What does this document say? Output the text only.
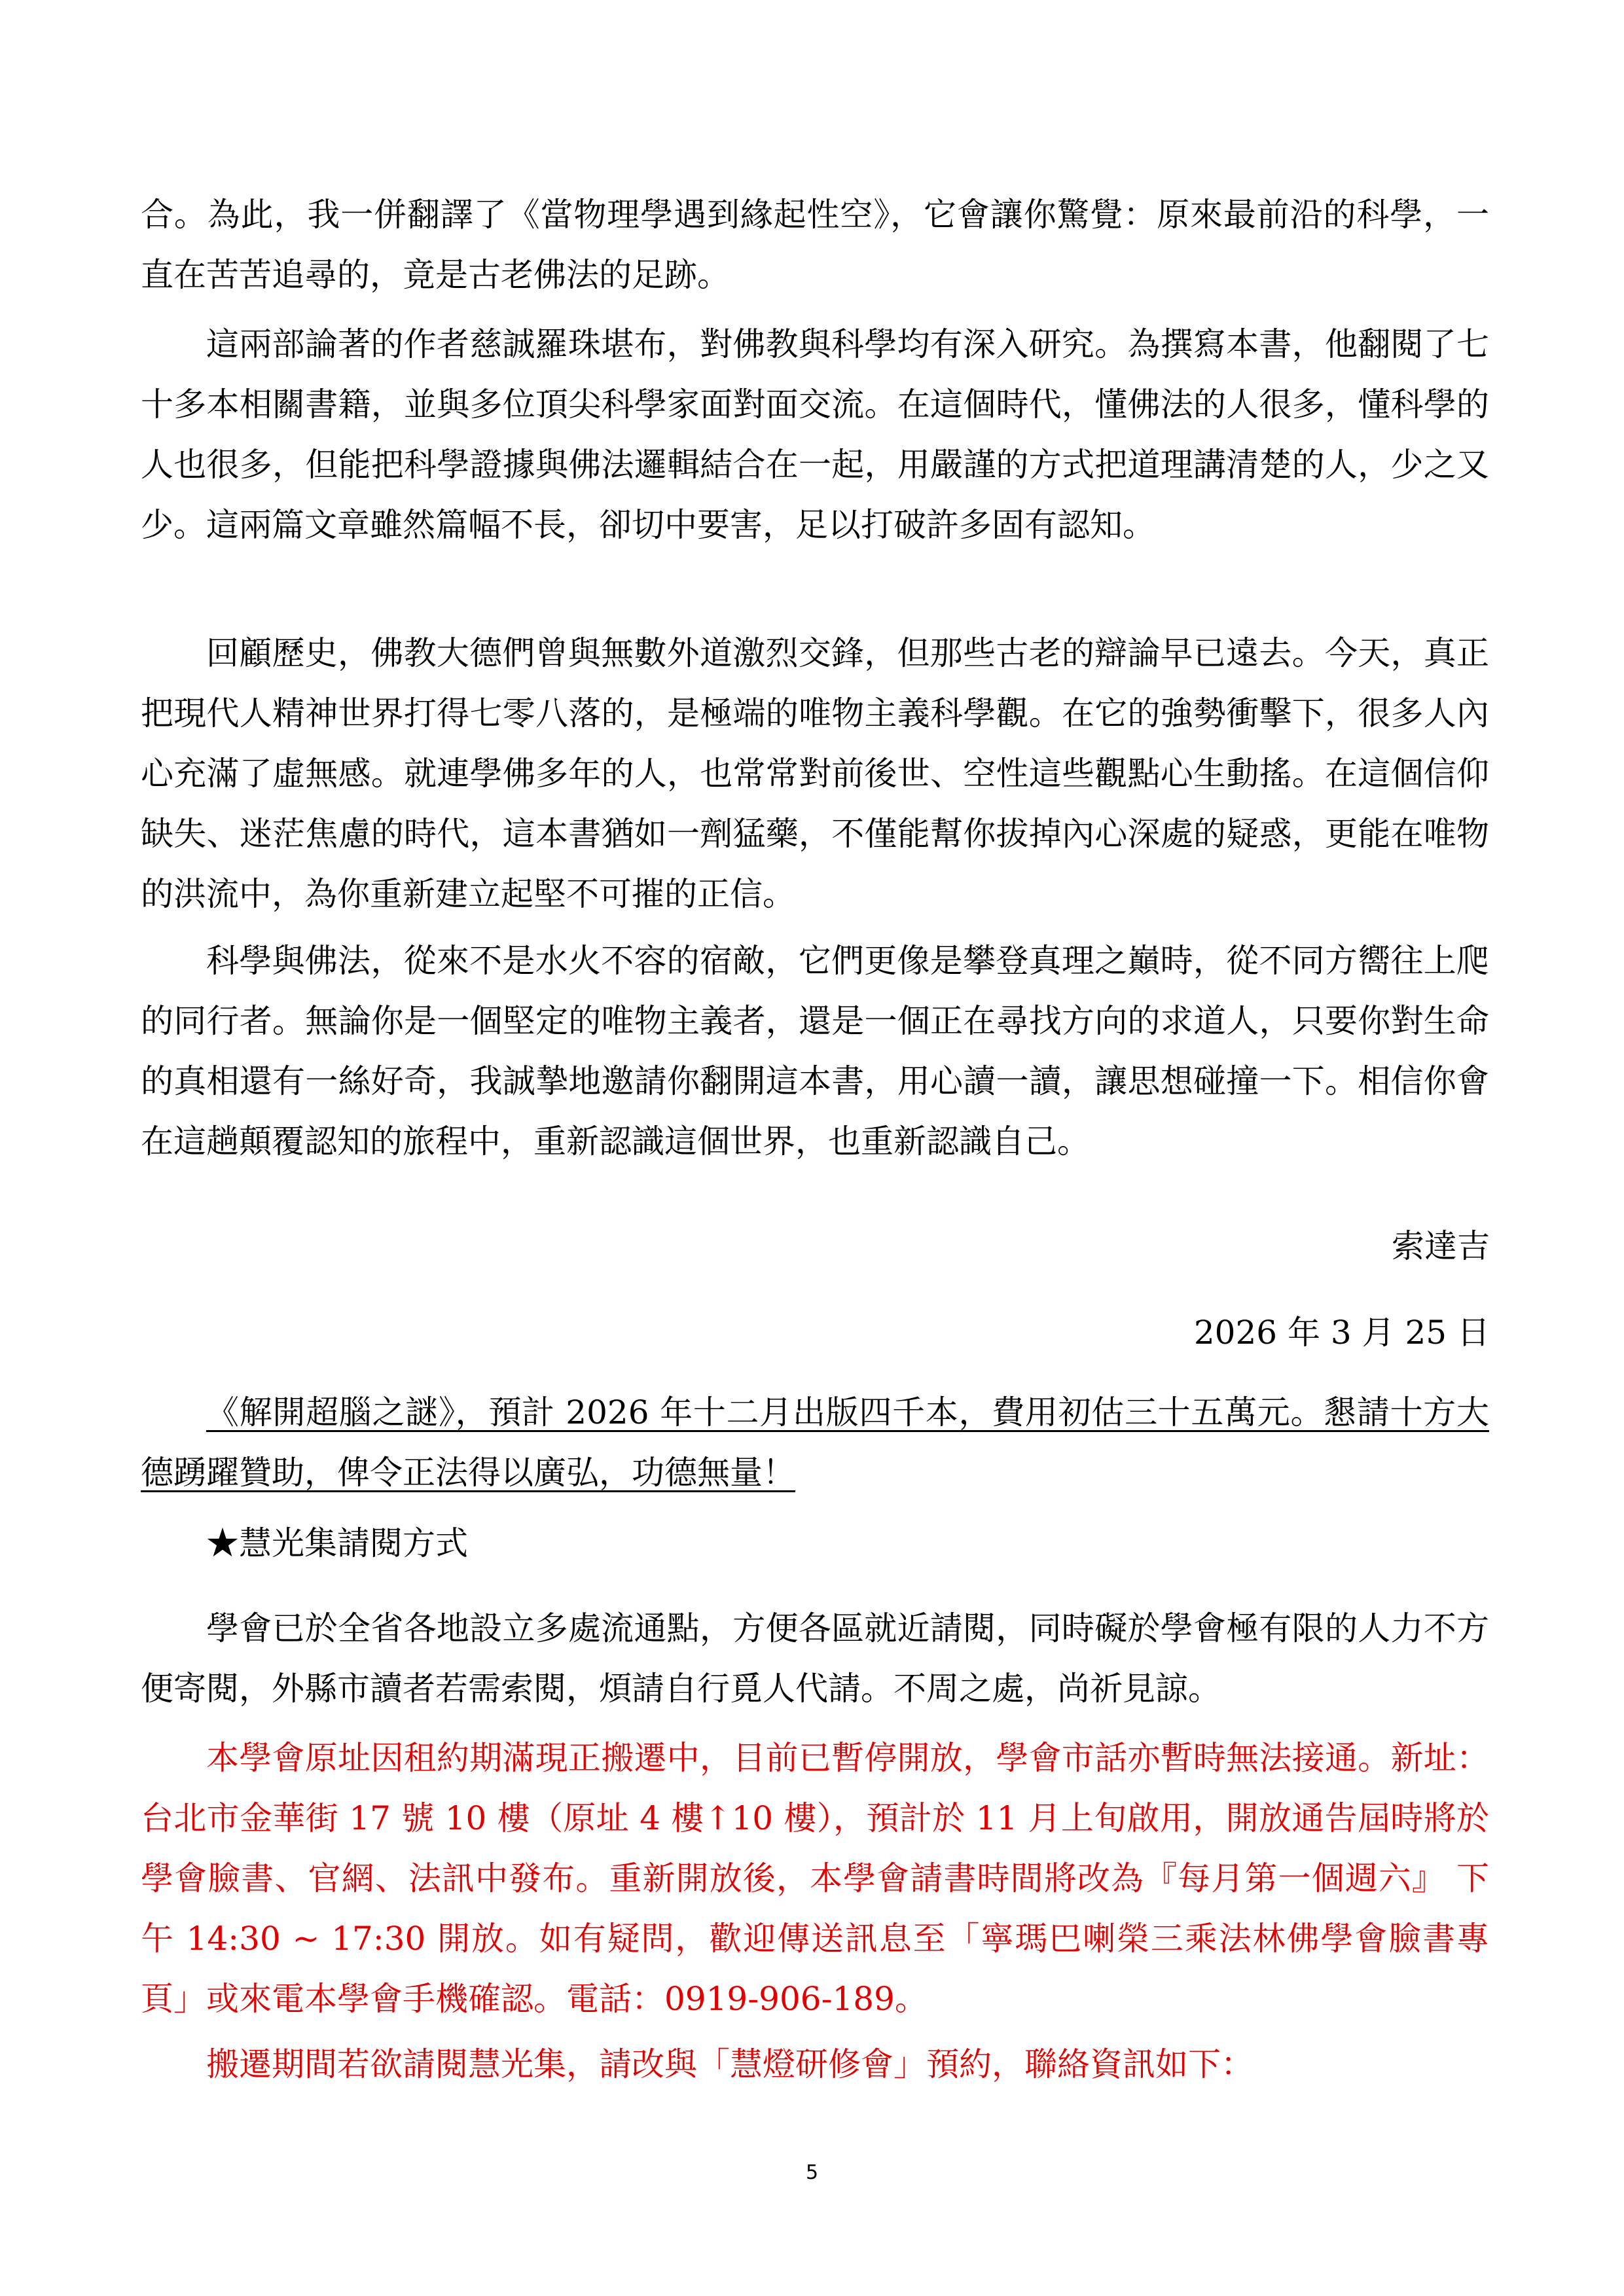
合。為此，我一併翻譯了《當物理學遇到緣起性空》，它會讓你驚覺：原來最前沿的科學，一直在苦苦追尋的，竟是古老佛法的足跡。

這兩部論著的作者慈誠羅珠堪布，對佛教與科學均有深入研究。為撰寫本書，他翻閱了七十多本相關書籍，並與多位頂尖科學家面對面交流。在這個時代，懂佛法的人很多，懂科學的人也很多，但能把科學證據與佛法邏輯結合在一起，用嚴謹的方式把道理講清楚的人，少之又少。這兩篇文章雖然篇幅不長，卻切中要害，足以打破許多固有認知。

回顧歷史，佛教大德們曾與無數外道激烈交鋒，但那些古老的辯論早已遠去。今天，真正把現代人精神世界打得七零八落的，是極端的唯物主義科學觀。在它的強勢衝擊下，很多人內心充滿了虛無感。就連學佛多年的人，也常常對前後世、空性這些觀點心生動搖。在這個信仰缺失、迷茫焦慮的時代，這本書猶如一劑猛藥，不僅能幫你拔掉內心深處的疑惑，更能在唯物的洪流中，為你重新建立起堅不可摧的正信。

科學與佛法，從來不是水火不容的宿敵，它們更像是攀登真理之巔時，從不同方嚮往上爬的同行者。無論你是一個堅定的唯物主義者，還是一個正在尋找方向的求道人，只要你對生命的真相還有一絲好奇，我誠摯地邀請你翻開這本書，用心讀一讀，讓思想碰撞一下。相信你會在這趟顛覆認知的旅程中，重新認識這個世界，也重新認識自己。

索達吉

2026 年 3 月 25 日

《解開超腦之謎》，預計 2026 年十二月出版四千本，費用初估三十五萬元。懇請十方大德踴躍贊助，俾令正法得以廣弘，功德無量！

★慧光集請閱方式

學會已於全省各地設立多處流通點，方便各區就近請閱，同時礙於學會極有限的人力不方便寄閱，外縣市讀者若需索閱，煩請自行覓人代請。不周之處，尚祈見諒。

本學會原址因租約期滿現正搬遷中，目前已暫停開放，學會市話亦暫時無法接通。新址：台北市金華街 17 號 10 樓（原址 4 樓↑10 樓），預計於 11 月上旬啟用，開放通告屆時將於學會臉書、官網、法訊中發布。重新開放後，本學會請書時間將改為『每月第一個週六』 下午 14:30 ~ 17:30 開放。如有疑問，歡迎傳送訊息至「寧瑪巴喇榮三乘法林佛學會臉書專頁」或來電本學會手機確認。電話：0919-906-189。

搬遷期間若欲請閱慧光集，請改與「慧燈研修會」預約，聯絡資訊如下：

5
